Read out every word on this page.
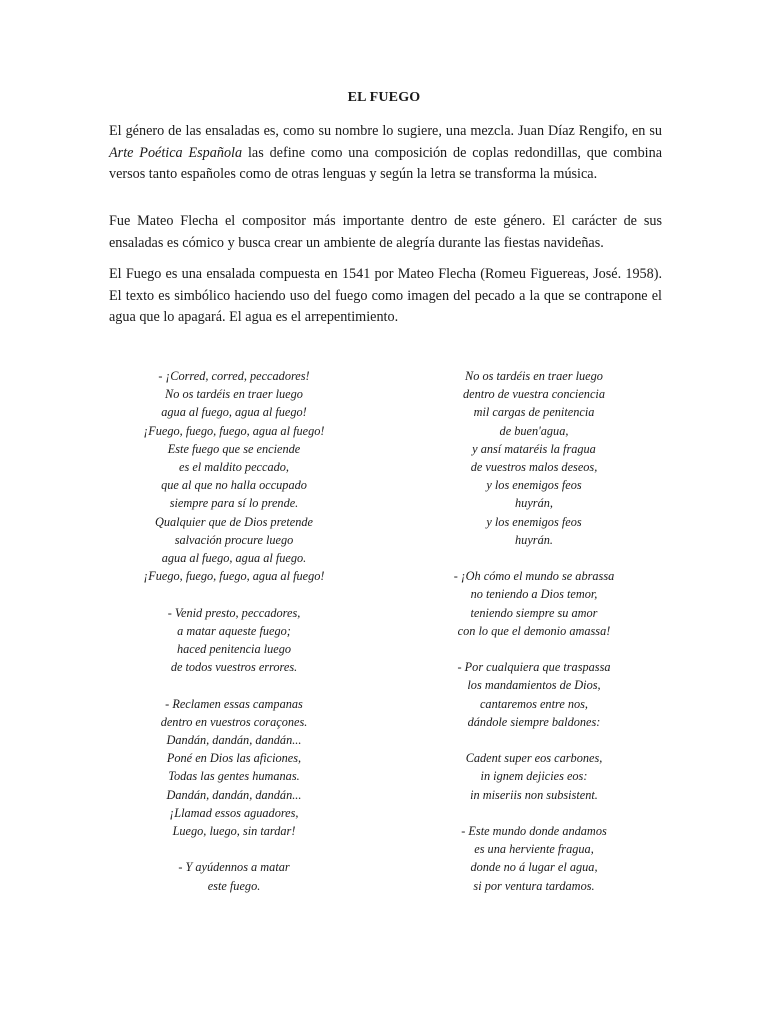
EL FUEGO

El género de las ensaladas es, como su nombre lo sugiere, una mezcla. Juan Díaz Rengifo, en su Arte Poética Española las define como una composición de coplas redondillas, que combina versos tanto españoles como de otras lenguas y según la letra se transforma la música.

Fue Mateo Flecha el compositor más importante dentro de este género. El carácter de sus ensaladas es cómico y busca crear un ambiente de alegría durante las fiestas navideñas.

El Fuego es una ensalada compuesta en 1541 por Mateo Flecha (Romeu Figuereas, José. 1958). El texto es simbólico haciendo uso del fuego como imagen del pecado a la que se contrapone el agua que lo apagará. El agua es el arrepentimiento.

- ¡Corred, corred, peccadores!
No os tardéis en traer luego
agua al fuego, agua al fuego!
¡Fuego, fuego, fuego, agua al fuego!
Este fuego que se enciende
es el maldito peccado,
que al que no halla occupado
siempre para sí lo prende.
Qualquier que de Dios pretende
salvación procure luego
agua al fuego, agua al fuego.
¡Fuego, fuego, fuego, agua al fuego!
- Venid presto, peccadores,
a matar aqueste fuego;
haced penitencia luego
de todos vuestros errores.
- Reclamen essas campanas
dentro en vuestros coraçones.
Dandán, dandán, dandán...
Poné en Dios las aficiones,
Todas las gentes humanas.
Dandán, dandán, dandán...
¡Llamad essos aguadores,
Luego, luego, sin tardar!
- Y ayúdennos a matar
este fuego.
No os tardéis en traer luego
dentro de vuestra conciencia
mil cargas de penitencia
de buen'agua,
y ansí mataréis la fragua
de vuestros malos deseos,
y los enemigos feos
huyrán,
y los enemigos feos
huyrán.
- ¡Oh cómo el mundo se abrassa
no teniendo a Dios temor,
teniendo siempre su amor
con lo que el demonio amassa!
- Por cualquiera que traspassa
los mandamientos de Dios,
cantaremos entre nos,
dándole siempre baldones:
Cadent super eos carbones,
in ignem dejicies eos:
in miseriis non subsistent.
- Este mundo donde andamos
es una herviente fragua,
donde no á lugar el agua,
si por ventura tardamos.
